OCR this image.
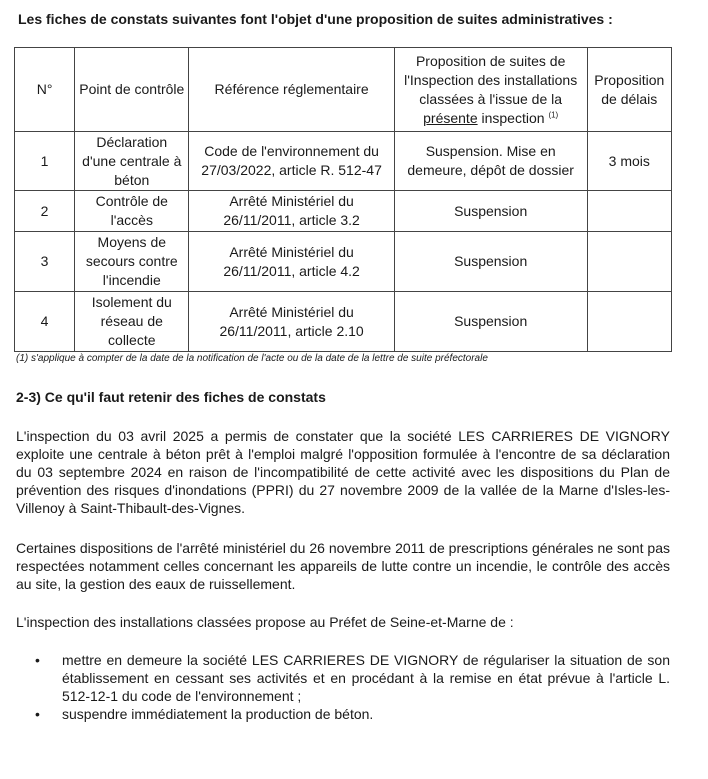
Les fiches de constats suivantes font l'objet d'une proposition de suites administratives :
N°	Point de contrôle	Référence réglementaire	Proposition de suites de l'Inspection des installations classées à l'issue de la présente inspection $^{(1)}$	Proposition de délais
1	Déclaration d'une centrale à béton	Code de l'environnement du 27/03/2022, article R. 512-47	Suspension. Mise en demeure, dépôt de dossier	3 mois
2	Contrôle de l'accès	Arrêté Ministériel du 26/11/2011, article 3.2	Suspension	
3	Moyens de secours contre l'incendie	Arrêté Ministériel du 26/11/2011, article 4.2	Suspension	
4	Isolement du réseau de collecte	Arrêté Ministériel du 26/11/2011, article 2.10	Suspension	
(1) s'applique à compter de la date de la notification de l'acte ou de la date de la lettre de suite préfectorale
2-3) Ce qu'il faut retenir des fiches de constats
L'inspection du 03 avril 2025 a permis de constater que la société LES CARRIERES DE VIGNORY exploite une centrale à béton prêt à l'emploi malgré l'opposition formulée à l'encontre de sa déclaration du 03 septembre 2024 en raison de l'incompatibilité de cette activité avec les dispositions du Plan de prévention des risques d'inondations (PPRI) du 27 novembre 2009 de la vallée de la Marne d'Isles-les-Villenoy à Saint-Thibault-des-Vignes.
Certaines dispositions de l'arrêté ministériel du 26 novembre 2011 de prescriptions générales ne sont pas respectées notamment celles concernant les appareils de lutte contre un incendie, le contrôle des accès au site, la gestion des eaux de ruissellement.
L'inspection des installations classées propose au Préfet de Seine-et-Marne de :
• mettre en demeure la société LES CARRIERES DE VIGNORY de régulariser la situation de son établissement en cessant ses activités et en procédant à la remise en état prévue à l'article L. 512-12-1 du code de l'environnement ;
• suspendre immédiatement la production de béton.
